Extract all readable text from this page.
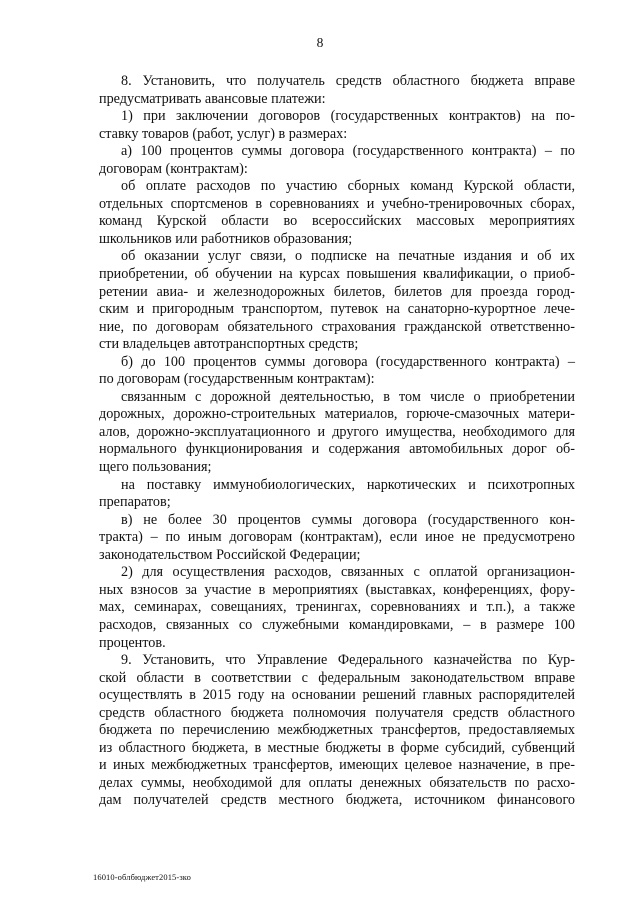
8
8. Установить, что получатель средств областного бюджета вправе
предусматривать авансовые платежи:
1) при заключении договоров (государственных контрактов) на по-
ставку товаров (работ, услуг) в размерах:
а) 100 процентов суммы договора (государственного контракта) – по
договорам (контрактам):
об оплате расходов по участию сборных команд Курской области,
отдельных спортсменов в соревнованиях и учебно-тренировочных сборах,
команд Курской области во всероссийских массовых мероприятиях
школьников или работников образования;
об оказании услуг связи, о подписке на печатные издания и об их
приобретении, об обучении на курсах повышения квалификации, о приоб-
ретении авиа- и железнодорожных билетов, билетов для проезда город-
ским и пригородным транспортом, путевок на санаторно-курортное лече-
ние, по договорам обязательного страхования гражданской ответственно-
сти владельцев автотранспортных средств;
б) до 100 процентов суммы договора (государственного контракта) –
по договорам (государственным контрактам):
связанным с дорожной деятельностью, в том числе о приобретении
дорожных, дорожно-строительных материалов, горюче-смазочных матери-
алов, дорожно-эксплуатационного и другого имущества, необходимого для
нормального функционирования и содержания автомобильных дорог об-
щего пользования;
на поставку иммунобиологических, наркотических и психотропных
препаратов;
в) не более 30 процентов суммы договора (государственного кон-
тракта) – по иным договорам (контрактам), если иное не предусмотрено
законодательством Российской Федерации;
2) для осуществления расходов, связанных с оплатой организацион-
ных взносов за участие в мероприятиях (выставках, конференциях, фору-
мах, семинарах, совещаниях, тренингах, соревнованиях и т.п.), а также
расходов, связанных со служебными командировками, – в размере 100
процентов.
9. Установить, что Управление Федерального казначейства по Кур-
ской области в соответствии с федеральным законодательством вправе
осуществлять в 2015 году на основании решений главных распорядителей
средств областного бюджета полномочия получателя средств областного
бюджета по перечислению межбюджетных трансфертов, предоставляемых
из областного бюджета, в местные бюджеты в форме субсидий, субвенций
и иных межбюджетных трансфертов, имеющих целевое назначение, в пре-
делах суммы, необходимой для оплаты денежных обязательств по расхо-
дам получателей средств местного бюджета, источником финансового
16010-облбюджет2015-зко
